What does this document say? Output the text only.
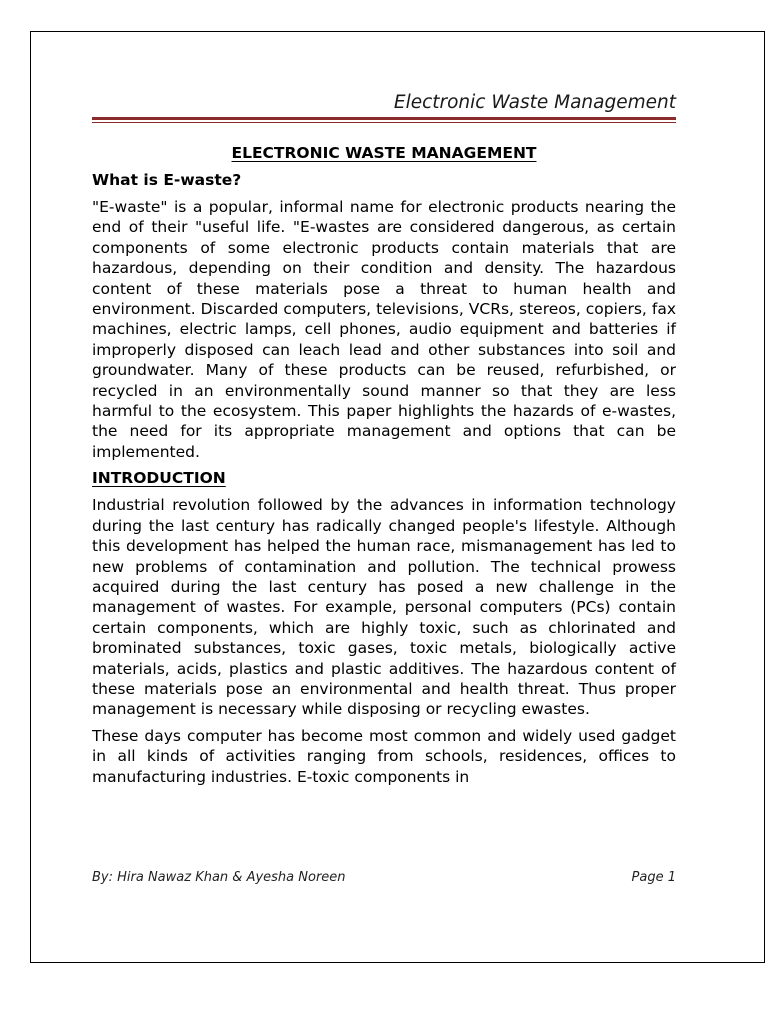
Electronic Waste Management

ELECTRONIC WASTE MANAGEMENT

What is E-waste?

"E-waste" is a popular, informal name for electronic products nearing the end of their "useful life. "E-wastes are considered dangerous, as certain components of some electronic products contain materials that are hazardous, depending on their condition and density. The hazardous content of these materials pose a threat to human health and environment. Discarded computers, televisions, VCRs, stereos, copiers, fax machines, electric lamps, cell phones, audio equipment and batteries if improperly disposed can leach lead and other substances into soil and groundwater. Many of these products can be reused, refurbished, or recycled in an environmentally sound manner so that they are less harmful to the ecosystem. This paper highlights the hazards of e-wastes, the need for its appropriate management and options that can be implemented.

INTRODUCTION

Industrial revolution followed by the advances in information technology during the last century has radically changed people's lifestyle. Although this development has helped the human race, mismanagement has led to new problems of contamination and pollution. The technical prowess acquired during the last century has posed a new challenge in the management of wastes. For example, personal computers (PCs) contain certain components, which are highly toxic, such as chlorinated and brominated substances, toxic gases, toxic metals, biologically active materials, acids, plastics and plastic additives. The hazardous content of these materials pose an environmental and health threat. Thus proper management is necessary while disposing or recycling ewastes.

These days computer has become most common and widely used gadget in all kinds of activities ranging from schools, residences, offices to manufacturing industries. E-toxic components in

By: Hira Nawaz Khan & Ayesha Noreen	Page 1
